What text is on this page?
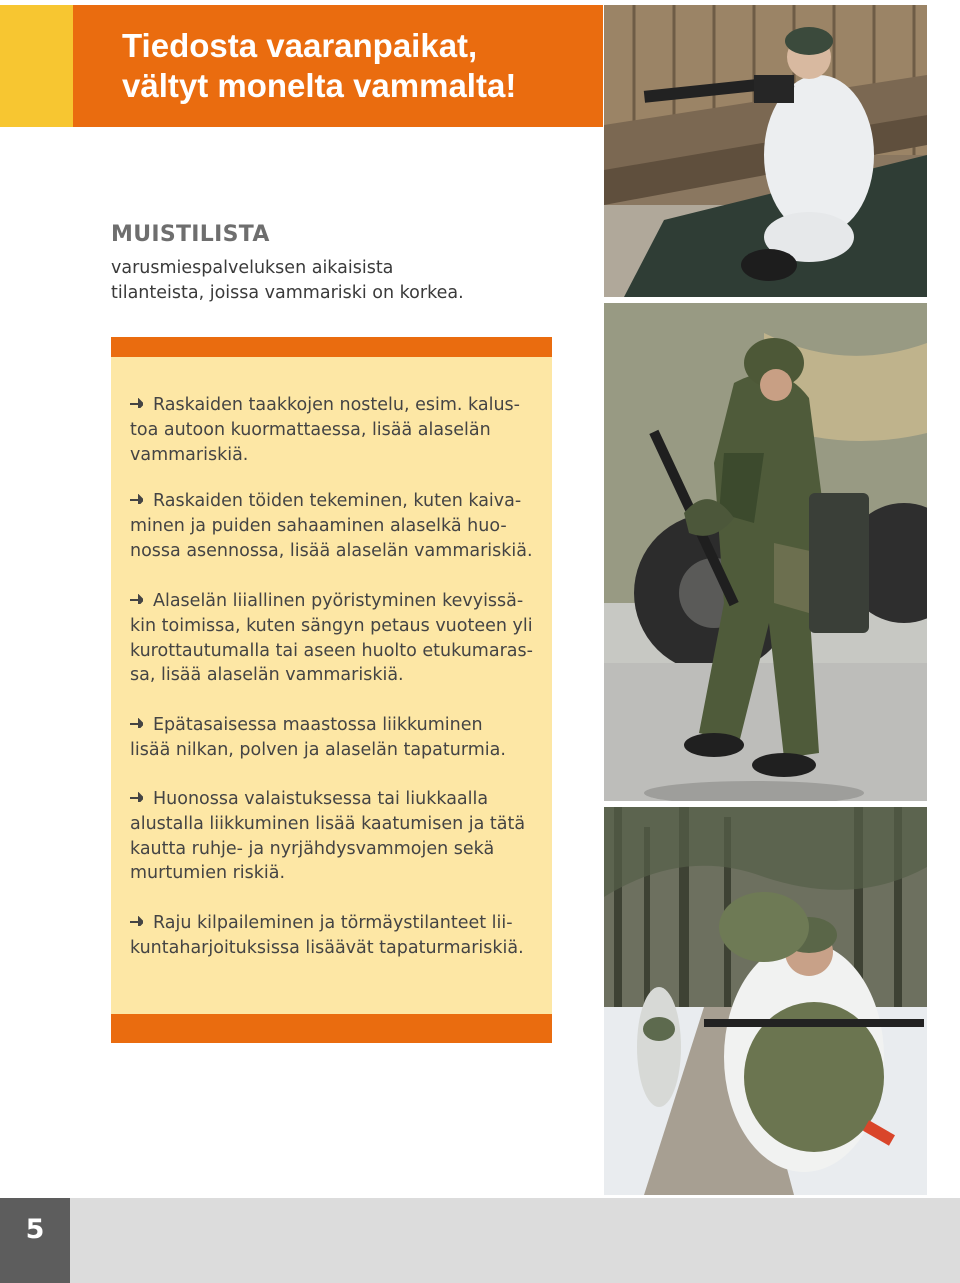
Tiedosta vaaranpaikat,
vältyt monelta vammalta!
MUISTILISTA
varusmiespalveluksen aikaisista
tilanteista, joissa vammariski on korkea.
Raskaiden taakkojen nostelu, esim. kalus-
toa autoon kuormattaessa, lisää alaselän
vammariskiä.
Raskaiden töiden tekeminen, kuten kaiva-
minen ja puiden sahaaminen alaselkä huo-
nossa asennossa, lisää alaselän vammariskiä.
Alaselän liiallinen pyöristyminen kevyissä-
kin toimissa, kuten sängyn petaus vuoteen yli
kurottautumalla tai aseen huolto etukumaras-
sa, lisää alaselän vammariskiä.
Epätasaisessa maastossa liikkuminen
lisää nilkan, polven ja alaselän tapaturmia.
Huonossa valaistuksessa tai liukkaalla
alustalla liikkuminen lisää kaatumisen ja tätä
kautta ruhje- ja nyrjähdysvammojen sekä
murtumien riskiä.
Raju kilpaileminen ja törmäystilanteet lii-
kuntaharjoituksissa lisäävät tapaturmariskiä.
5
